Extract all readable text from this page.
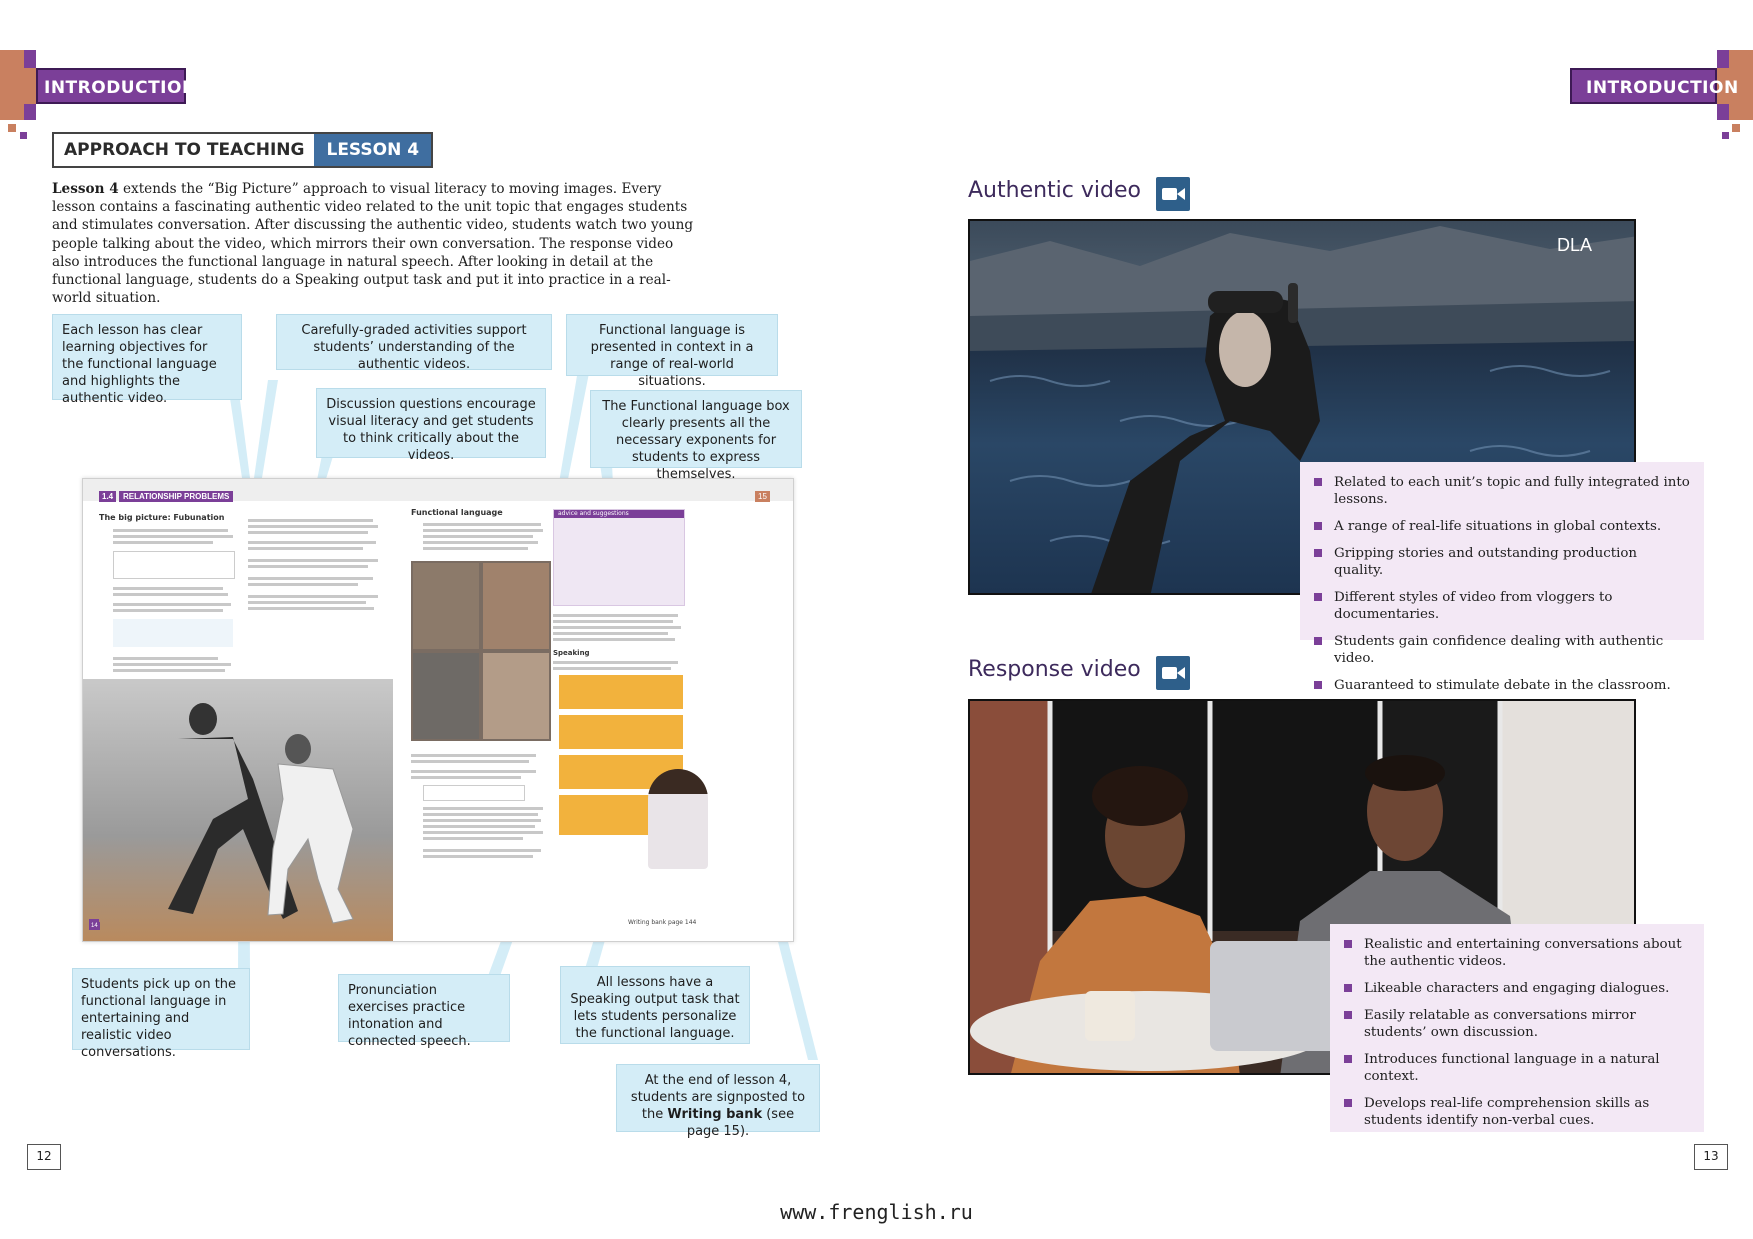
INTRODUCTION	INTRODUCTION
APPROACH TO TEACHING	LESSON 4
Lesson 4 extends the “Big Picture” approach to visual literacy to moving images. Every lesson contains a fascinating authentic video related to the unit topic that engages students and stimulates conversation. After discussing the authentic video, students watch two young people talking about the video, which mirrors their own conversation. The response video also introduces the functional language in natural speech. After looking in detail at the functional language, students do a Speaking output task and put it into practice in a real-world situation.
1.4	RELATIONSHIP PROBLEMS	15
The big picture: Fubunation
Functional language	advice and suggestions
Speaking
Writing bank page 144
14
Each lesson has clear learning objectives for the functional language and highlights the authentic video.
Carefully-graded activities support students’ understanding of the authentic videos.
Functional language is presented in context in a range of real-world situations.
Discussion questions encourage visual literacy and get students to think critically about the videos.
The Functional language box clearly presents all the necessary exponents for students to express themselves.
Students pick up on the functional language in entertaining and realistic video conversations.
Pronunciation exercises practice intonation and connected speech.
All lessons have a Speaking output task that lets students personalize the functional language.
At the end of lesson 4, students are signposted to the Writing bank (see page 15).
Authentic video
DLA
Related to each unit’s topic and fully integrated into lessons.
A range of real-life situations in global contexts.
Gripping stories and outstanding production quality.
Different styles of video from vloggers to documentaries.
Students gain confidence dealing with authentic video.
Guaranteed to stimulate debate in the classroom.
Response video
Realistic and entertaining conversations about the authentic videos.
Likeable characters and engaging dialogues.
Easily relatable as conversations mirror students’ own discussion.
Introduces functional language in a natural context.
Develops real-life comprehension skills as students identify non-verbal cues.
12	13
www.frenglish.ru
